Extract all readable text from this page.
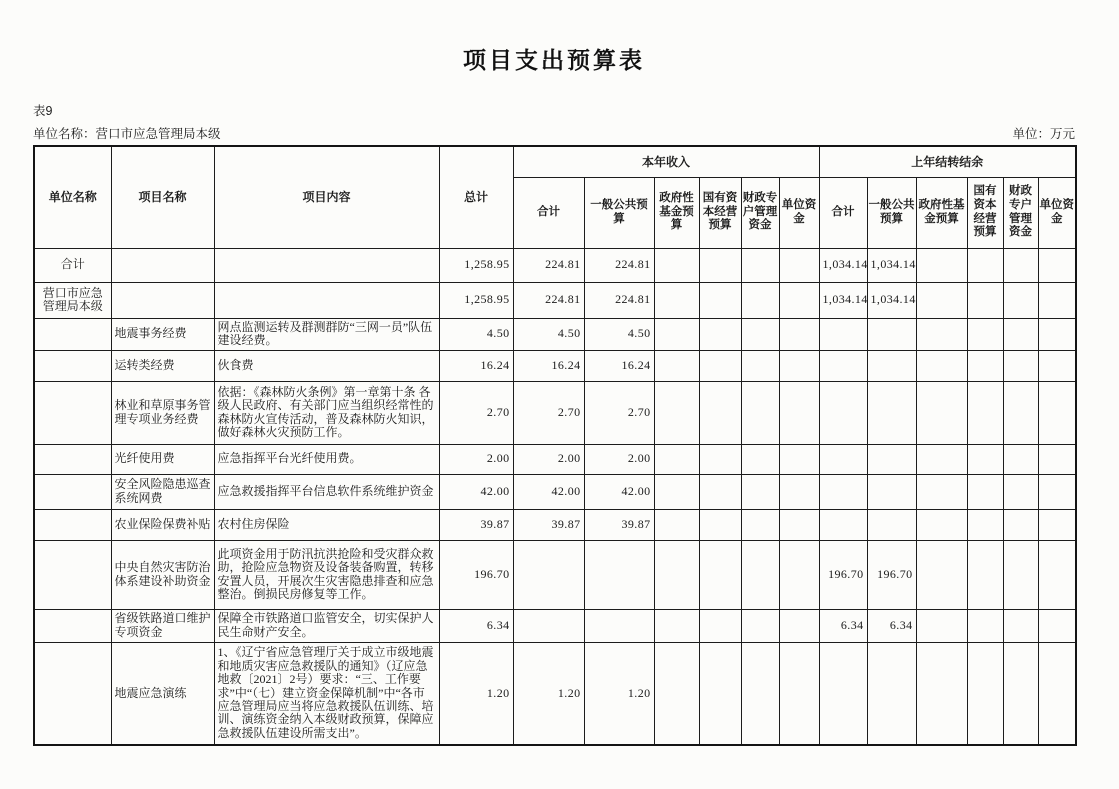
项目支出预算表
表9
单位名称：营口市应急管理局本级	单位：万元
单位名称	项目名称	项目内容	总计	本年收入						上年结转结余					
				合计	一般公共预算	政府性基金预算	国有资本经营预算	财政专户管理资金	单位资金	合计	一般公共预算	政府性基金预算	国有资本经营预算	财政专户管理资金	单位资金
合计			1,258.95	224.81	224.81					1,034.14	1,034.14				
营口市应急管理局本级			1,258.95	224.81	224.81					1,034.14	1,034.14				
	地震事务经费	网点监测运转及群测群防“三网一员”队伍建设经费。	4.50	4.50	4.50										
	运转类经费	伙食费	16.24	16.24	16.24										
	林业和草原事务管理专项业务经费	依据：《森林防火条例》第一章第十条 各级人民政府、有关部门应当组织经常性的森林防火宣传活动，普及森林防火知识，做好森林火灾预防工作。	2.70	2.70	2.70										
	光纤使用费	应急指挥平台光纤使用费。	2.00	2.00	2.00										
	安全风险隐患巡查系统网费	应急救援指挥平台信息软件系统维护资金	42.00	42.00	42.00										
	农业保险保费补贴	农村住房保险	39.87	39.87	39.87										
	中央自然灾害防治体系建设补助资金	此项资金用于防汛抗洪抢险和受灾群众救助，抢险应急物资及设备装备购置，转移安置人员，开展次生灾害隐患排查和应急整治。倒损民房修复等工作。	196.70							196.70	196.70				
	省级铁路道口维护专项资金	保障全市铁路道口监管安全，切实保护人民生命财产安全。	6.34							6.34	6.34				
	地震应急演练	1、《辽宁省应急管理厅关于成立市级地震和地质灾害应急救援队的通知》（辽应急地救〔2021〕2号）要求：“三、工作要求”中“（七）建立资金保障机制”中“各市应急管理局应当将应急救援队伍训练、培训、演练资金纳入本级财政预算，保障应急救援队伍建设所需支出”。	1.20	1.20	1.20										
